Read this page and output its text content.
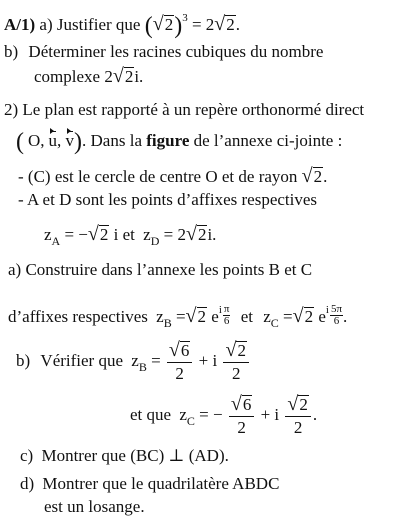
A/1) a) Justifier que $(√2)^3 = 2√2$.
b) Déterminer les racines cubiques du nombre
complexe 2√2i.
2) Le plan est rapporté à un repère orthonormé direct
( O, u, v). Dans la figure de l’annexe ci-jointe :
- (C) est le cercle de centre O et de rayon √2.
- A et D sont les points d’affixes respectives
$z_A = -√2$ i et $z_D = 2√2i$.
a) Construire dans l’annexe les points B et C
d’affixes respectives $z_B =√2$ $e^i \frac{\pi}{6}$ et $z_C =√2$ $e^i \frac{5\pi}{6}$ .
b) Vérifier que $z_B = \frac{√6}{2} + i \frac{√2}{2}$
et que $z_C$ = − $\frac{√6}{2} + i \frac{√2}{2}$ .
c) Montrer que (BC) ⊥ (AD).
d) Montrer que le quadrilatère ABDC
est un losange.
